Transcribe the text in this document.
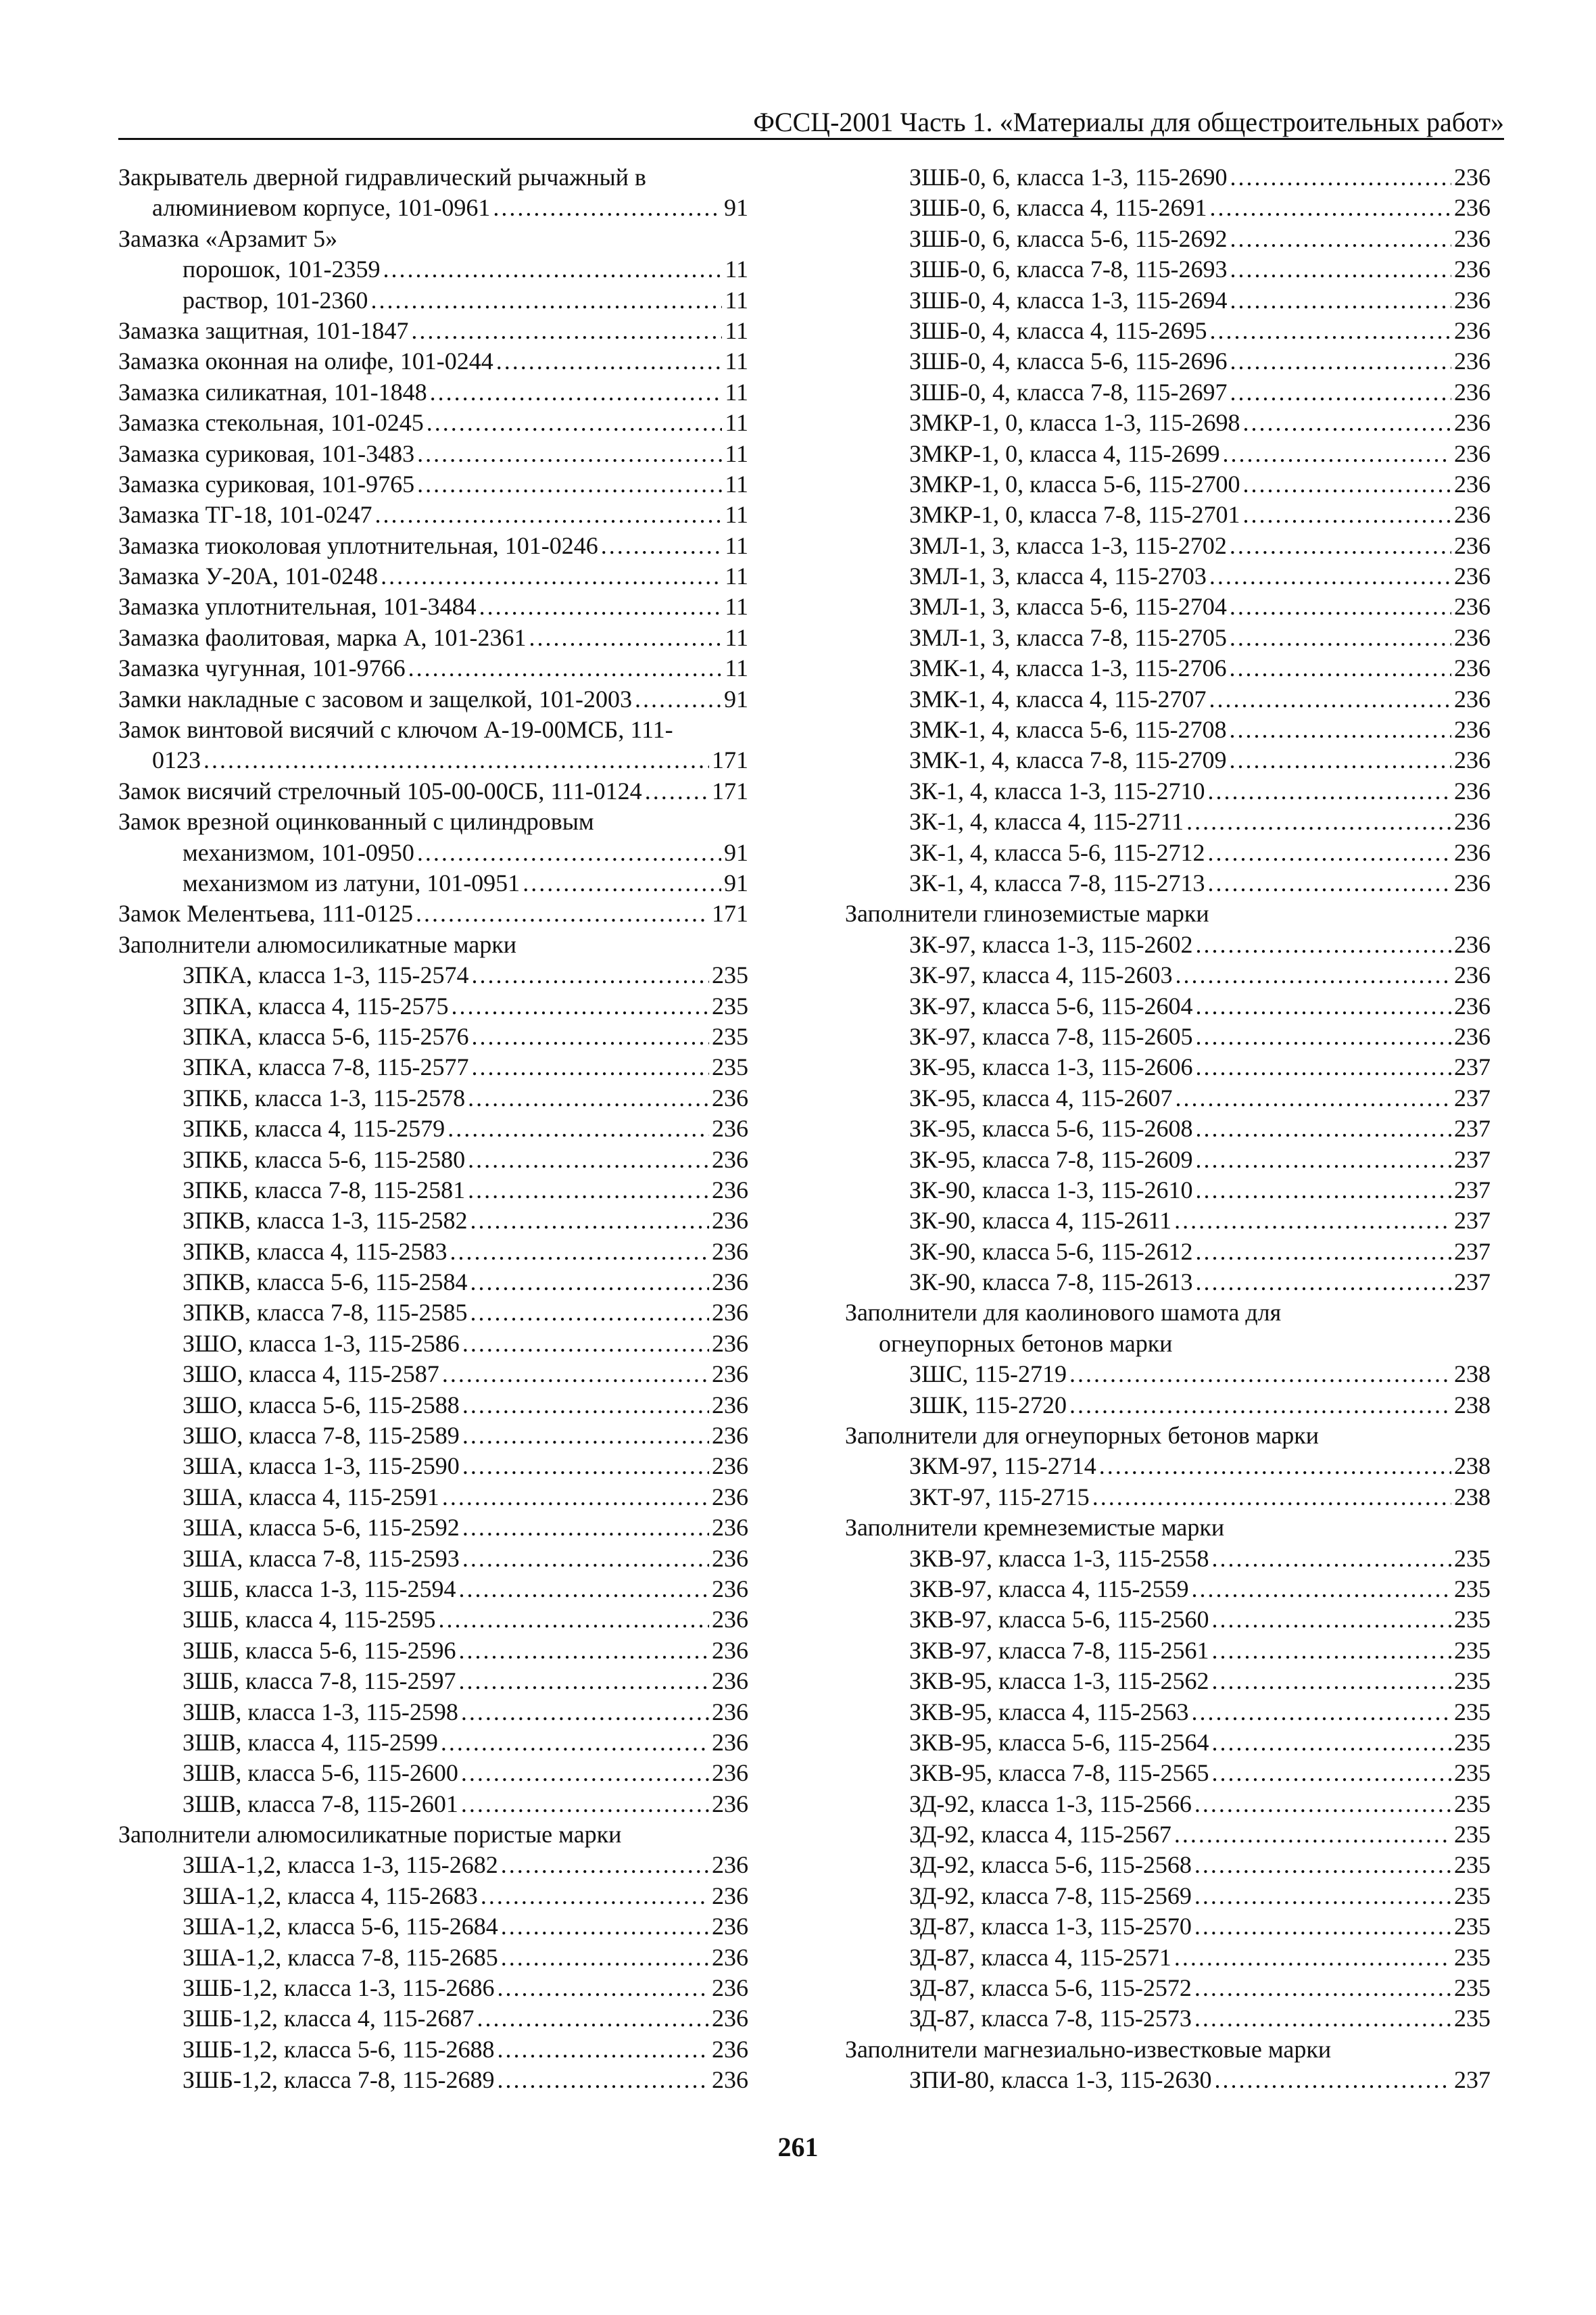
ФССЦ-2001 Часть 1. «Материалы для общестроительных работ»
Закрыватель дверной гидравлический рычажный в
алюминиевом корпусе, 101-0961 .....	91
Замазка «Арзамит 5»
порошок, 101-2359 .....	11
раствор, 101-2360 .....	11
Замазка защитная, 101-1847 .....	11
Замазка оконная на олифе, 101-0244 .....	11
Замазка силикатная, 101-1848 .....	11
Замазка стекольная, 101-0245 .....	11
Замазка суриковая, 101-3483 .....	11
Замазка суриковая, 101-9765 .....	11
Замазка ТГ-18, 101-0247 .....	11
Замазка тиоколовая уплотнительная, 101-0246 .....	11
Замазка У-20А, 101-0248 .....	11
Замазка уплотнительная, 101-3484 .....	11
Замазка фаолитовая, марка А, 101-2361 .....	11
Замазка чугунная, 101-9766 .....	11
Замки накладные с засовом и защелкой, 101-2003 .....	91
Замок винтовой висячий с ключом А-19-00МСБ, 111-
0123 .....	171
Замок висячий стрелочный 105-00-00СБ, 111-0124 .....	171
Замок врезной оцинкованный с цилиндровым
механизмом, 101-0950 .....	91
механизмом из латуни, 101-0951 .....	91
Замок Мелентьева, 111-0125 .....	171
Заполнители алюмосиликатные марки
ЗПКА, класса 1-3, 115-2574 .....	235
ЗПКА, класса 4, 115-2575 .....	235
ЗПКА, класса 5-6, 115-2576 .....	235
ЗПКА, класса 7-8, 115-2577 .....	235
ЗПКБ, класса 1-3, 115-2578 .....	236
ЗПКБ, класса 4, 115-2579 .....	236
ЗПКБ, класса 5-6, 115-2580 .....	236
ЗПКБ, класса 7-8, 115-2581 .....	236
ЗПКВ, класса 1-3, 115-2582 .....	236
ЗПКВ, класса 4, 115-2583 .....	236
ЗПКВ, класса 5-6, 115-2584 .....	236
ЗПКВ, класса 7-8, 115-2585 .....	236
ЗШО, класса 1-3, 115-2586 .....	236
ЗШО, класса 4, 115-2587 .....	236
ЗШО, класса 5-6, 115-2588 .....	236
ЗШО, класса 7-8, 115-2589 .....	236
ЗША, класса 1-3, 115-2590 .....	236
ЗША, класса 4, 115-2591 .....	236
ЗША, класса 5-6, 115-2592 .....	236
ЗША, класса 7-8, 115-2593 .....	236
ЗШБ, класса 1-3, 115-2594 .....	236
ЗШБ, класса 4, 115-2595 .....	236
ЗШБ, класса 5-6, 115-2596 .....	236
ЗШБ, класса 7-8, 115-2597 .....	236
ЗШВ, класса 1-3, 115-2598 .....	236
ЗШВ, класса 4, 115-2599 .....	236
ЗШВ, класса 5-6, 115-2600 .....	236
ЗШВ, класса 7-8, 115-2601 .....	236
Заполнители алюмосиликатные пористые марки
ЗША-1,2, класса 1-3, 115-2682 .....	236
ЗША-1,2, класса 4, 115-2683 .....	236
ЗША-1,2, класса 5-6, 115-2684 .....	236
ЗША-1,2, класса 7-8, 115-2685 .....	236
ЗШБ-1,2, класса 1-3, 115-2686 .....	236
ЗШБ-1,2, класса 4, 115-2687 .....	236
ЗШБ-1,2, класса 5-6, 115-2688 .....	236
ЗШБ-1,2, класса 7-8, 115-2689 .....	236
ЗШБ-0, 6, класса 1-3, 115-2690 .....	236
ЗШБ-0, 6, класса 4, 115-2691 .....	236
ЗШБ-0, 6, класса 5-6, 115-2692 .....	236
ЗШБ-0, 6, класса 7-8, 115-2693 .....	236
ЗШБ-0, 4, класса 1-3, 115-2694 .....	236
ЗШБ-0, 4, класса 4, 115-2695 .....	236
ЗШБ-0, 4, класса 5-6, 115-2696 .....	236
ЗШБ-0, 4, класса 7-8, 115-2697 .....	236
ЗМКР-1, 0, класса 1-3, 115-2698 .....	236
ЗМКР-1, 0, класса 4, 115-2699 .....	236
ЗМКР-1, 0, класса 5-6, 115-2700 .....	236
ЗМКР-1, 0, класса 7-8, 115-2701 .....	236
ЗМЛ-1, 3, класса 1-3, 115-2702 .....	236
ЗМЛ-1, 3, класса 4, 115-2703 .....	236
ЗМЛ-1, 3, класса 5-6, 115-2704 .....	236
ЗМЛ-1, 3, класса 7-8, 115-2705 .....	236
ЗМК-1, 4, класса 1-3, 115-2706 .....	236
ЗМК-1, 4, класса 4, 115-2707 .....	236
ЗМК-1, 4, класса 5-6, 115-2708 .....	236
ЗМК-1, 4, класса 7-8, 115-2709 .....	236
ЗК-1, 4, класса 1-3, 115-2710 .....	236
ЗК-1, 4, класса 4, 115-2711 .....	236
ЗК-1, 4, класса 5-6, 115-2712 .....	236
ЗК-1, 4, класса 7-8, 115-2713 .....	236
Заполнители глиноземистые марки
ЗК-97, класса 1-3, 115-2602 .....	236
ЗК-97, класса 4, 115-2603 .....	236
ЗК-97, класса 5-6, 115-2604 .....	236
ЗК-97, класса 7-8, 115-2605 .....	236
ЗК-95, класса 1-3, 115-2606 .....	237
ЗК-95, класса 4, 115-2607 .....	237
ЗК-95, класса 5-6, 115-2608 .....	237
ЗК-95, класса 7-8, 115-2609 .....	237
ЗК-90, класса 1-3, 115-2610 .....	237
ЗК-90, класса 4, 115-2611 .....	237
ЗК-90, класса 5-6, 115-2612 .....	237
ЗК-90, класса 7-8, 115-2613 .....	237
Заполнители для каолинового шамота для
огнеупорных бетонов марки
ЗШС, 115-2719 .....	238
ЗШК, 115-2720 .....	238
Заполнители для огнеупорных бетонов марки
ЗКМ-97, 115-2714 .....	238
ЗКТ-97, 115-2715 .....	238
Заполнители кремнеземистые марки
ЗКВ-97, класса 1-3, 115-2558 .....	235
ЗКВ-97, класса 4, 115-2559 .....	235
ЗКВ-97, класса 5-6, 115-2560 .....	235
ЗКВ-97, класса 7-8, 115-2561 .....	235
ЗКВ-95, класса 1-3, 115-2562 .....	235
ЗКВ-95, класса 4, 115-2563 .....	235
ЗКВ-95, класса 5-6, 115-2564 .....	235
ЗКВ-95, класса 7-8, 115-2565 .....	235
ЗД-92, класса 1-3, 115-2566 .....	235
ЗД-92, класса 4, 115-2567 .....	235
ЗД-92, класса 5-6, 115-2568 .....	235
ЗД-92, класса 7-8, 115-2569 .....	235
ЗД-87, класса 1-3, 115-2570 .....	235
ЗД-87, класса 4, 115-2571 .....	235
ЗД-87, класса 5-6, 115-2572 .....	235
ЗД-87, класса 7-8, 115-2573 .....	235
Заполнители магнезиально-известковые марки
ЗПИ-80, класса 1-3, 115-2630 .....	237
261
